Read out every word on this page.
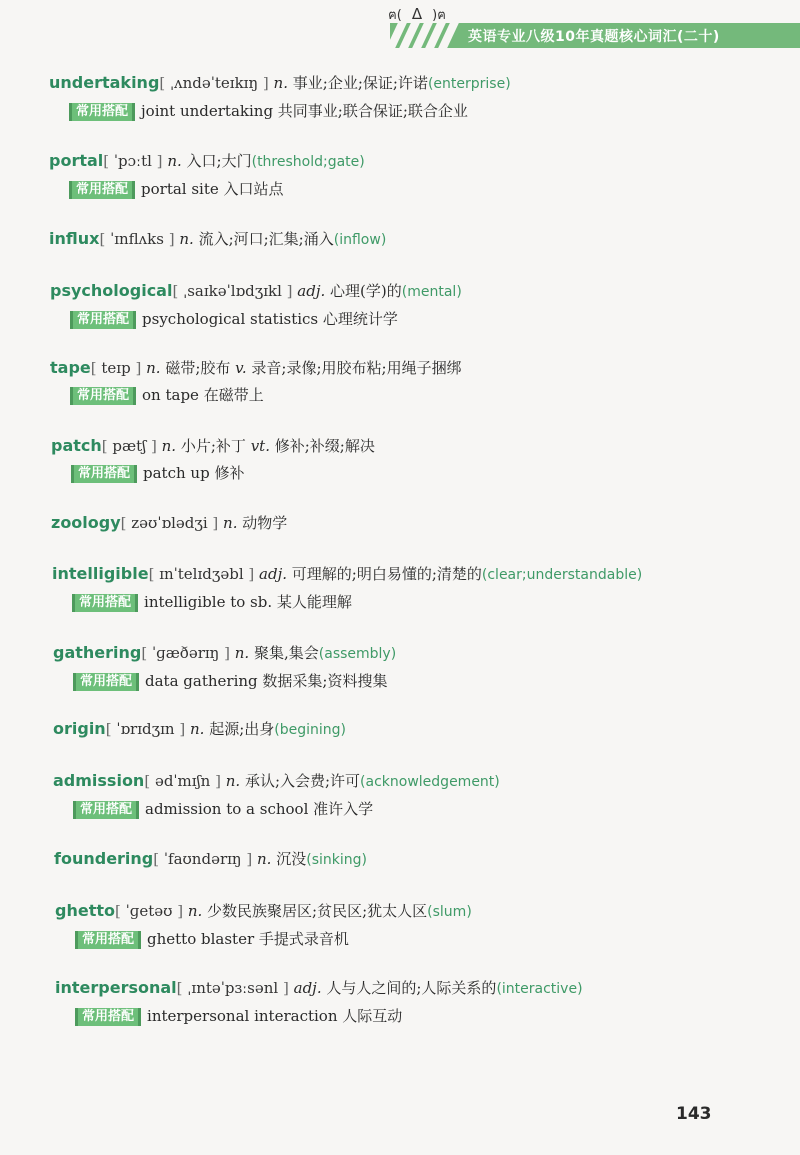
ฅ( Δ )ฅ
英语专业八级10年真题核心词汇(二十)
undertaking[ ˌʌndəˈteɪkɪŋ ] n. 事业;企业;保证;许诺(enterprise)
常用搭配 joint undertaking 共同事业;联合保证;联合企业
portal[ ˈpɔːtl ] n. 入口;大门(threshold;gate)
常用搭配 portal site 入口站点
influx[ ˈɪnflʌks ] n. 流入;河口;汇集;涌入(inflow)
psychological[ ˌsaɪkəˈlɒdʒɪkl ] adj. 心理(学)的(mental)
常用搭配 psychological statistics 心理统计学
tape[ teɪp ] n. 磁带;胶布 v. 录音;录像;用胶布粘;用绳子捆绑
常用搭配 on tape 在磁带上
patch[ pætʃ ] n. 小片;补丁 vt. 修补;补缀;解决
常用搭配 patch up 修补
zoology[ zəʊˈɒlədʒi ] n. 动物学
intelligible[ ɪnˈtelɪdʒəbl ] adj. 可理解的;明白易懂的;清楚的(clear;understandable)
常用搭配 intelligible to sb. 某人能理解
gathering[ ˈɡæðərɪŋ ] n. 聚集,集会(assembly)
常用搭配 data gathering 数据采集;资料搜集
origin[ ˈɒrɪdʒɪn ] n. 起源;出身(begining)
admission[ ədˈmɪʃn ] n. 承认;入会费;许可(acknowledgement)
常用搭配 admission to a school 准许入学
foundering[ ˈfaʊndərɪŋ ] n. 沉没(sinking)
ghetto[ ˈɡetəʊ ] n. 少数民族聚居区;贫民区;犹太人区(slum)
常用搭配 ghetto blaster 手提式录音机
interpersonal[ ˌɪntəˈpɜːsənl ] adj. 人与人之间的;人际关系的(interactive)
常用搭配 interpersonal interaction 人际互动
143
